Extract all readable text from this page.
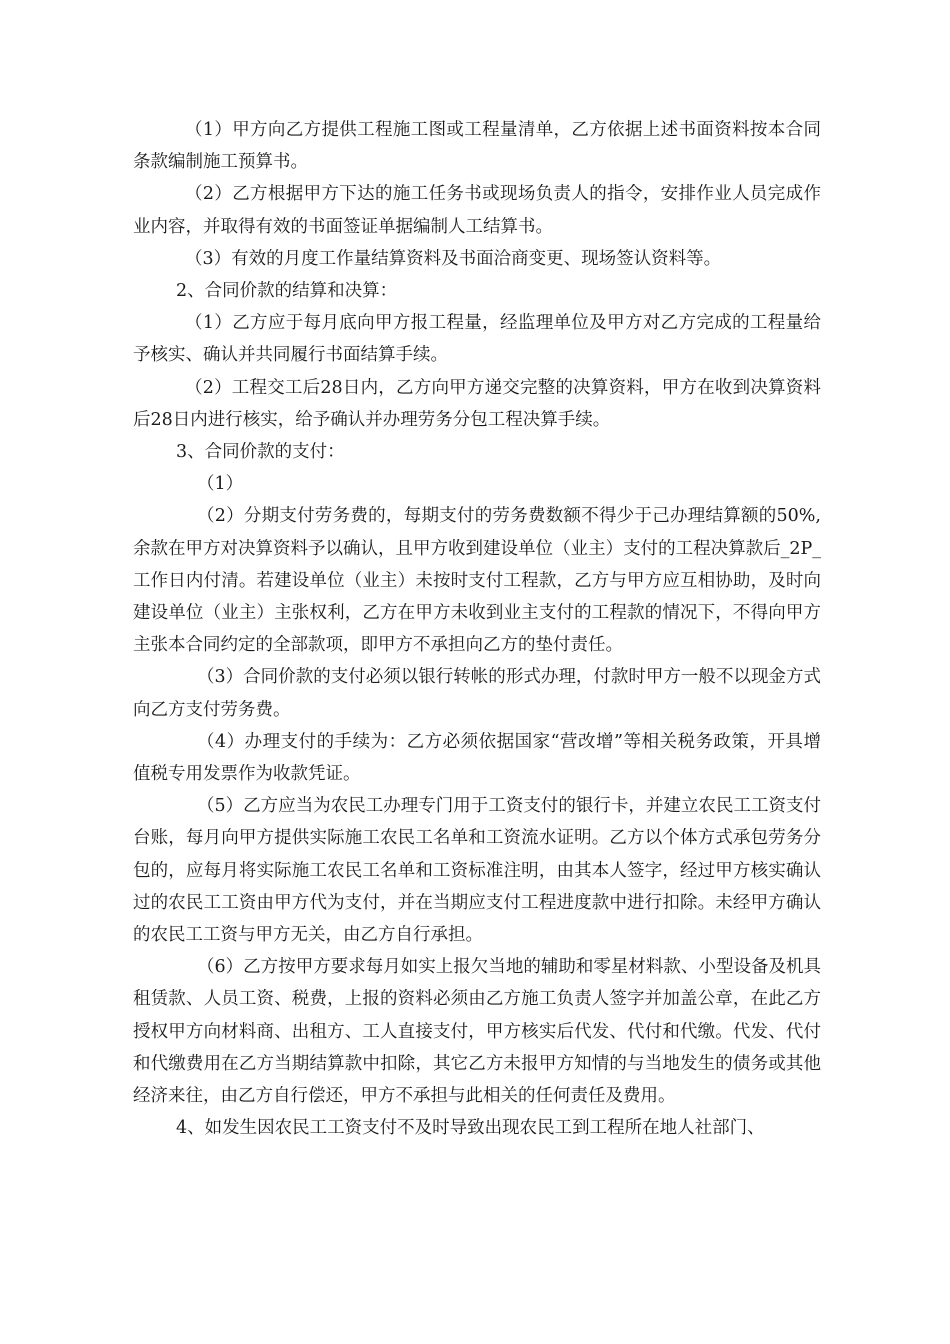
（1）甲方向乙方提供工程施工图或工程量清单，乙方依据上述书面资料按本合同条款编制施工预算书。

（2）乙方根据甲方下达的施工任务书或现场负责人的指令，安排作业人员完成作业内容，并取得有效的书面签证单据编制人工结算书。

（3）有效的月度工作量结算资料及书面洽商变更、现场签认资料等。

2、合同价款的结算和决算：

（1）乙方应于每月底向甲方报工程量，经监理单位及甲方对乙方完成的工程量给予核实、确认并共同履行书面结算手续。

（2）工程交工后28日内，乙方向甲方递交完整的决算资料，甲方在收到决算资料后28日内进行核实，给予确认并办理劳务分包工程决算手续。

3、合同价款的支付：

（1）

（2）分期支付劳务费的，每期支付的劳务费数额不得少于己办理结算额的50%,余款在甲方对决算资料予以确认，且甲方收到建设单位（业主）支付的工程决算款后_2P_工作日内付清。若建设单位（业主）未按时支付工程款，乙方与甲方应互相协助，及时向建设单位（业主）主张权利，乙方在甲方未收到业主支付的工程款的情况下，不得向甲方主张本合同约定的全部款项，即甲方不承担向乙方的垫付责任。

（3）合同价款的支付必须以银行转帐的形式办理，付款时甲方一般不以现金方式向乙方支付劳务费。

（4）办理支付的手续为：乙方必须依据国家“营改增”等相关税务政策，开具增值税专用发票作为收款凭证。

（5）乙方应当为农民工办理专门用于工资支付的银行卡，并建立农民工工资支付台账，每月向甲方提供实际施工农民工名单和工资流水证明。乙方以个体方式承包劳务分包的，应每月将实际施工农民工名单和工资标准注明，由其本人签字，经过甲方核实确认过的农民工工资由甲方代为支付，并在当期应支付工程进度款中进行扣除。未经甲方确认的农民工工资与甲方无关，由乙方自行承担。

（6）乙方按甲方要求每月如实上报欠当地的辅助和零星材料款、小型设备及机具租赁款、人员工资、税费，上报的资料必须由乙方施工负责人签字并加盖公章，在此乙方授权甲方向材料商、出租方、工人直接支付，甲方核实后代发、代付和代缴。代发、代付和代缴费用在乙方当期结算款中扣除，其它乙方未报甲方知情的与当地发生的债务或其他经济来往，由乙方自行偿还，甲方不承担与此相关的任何责任及费用。

4、如发生因农民工工资支付不及时导致出现农民工到工程所在地人社部门、
